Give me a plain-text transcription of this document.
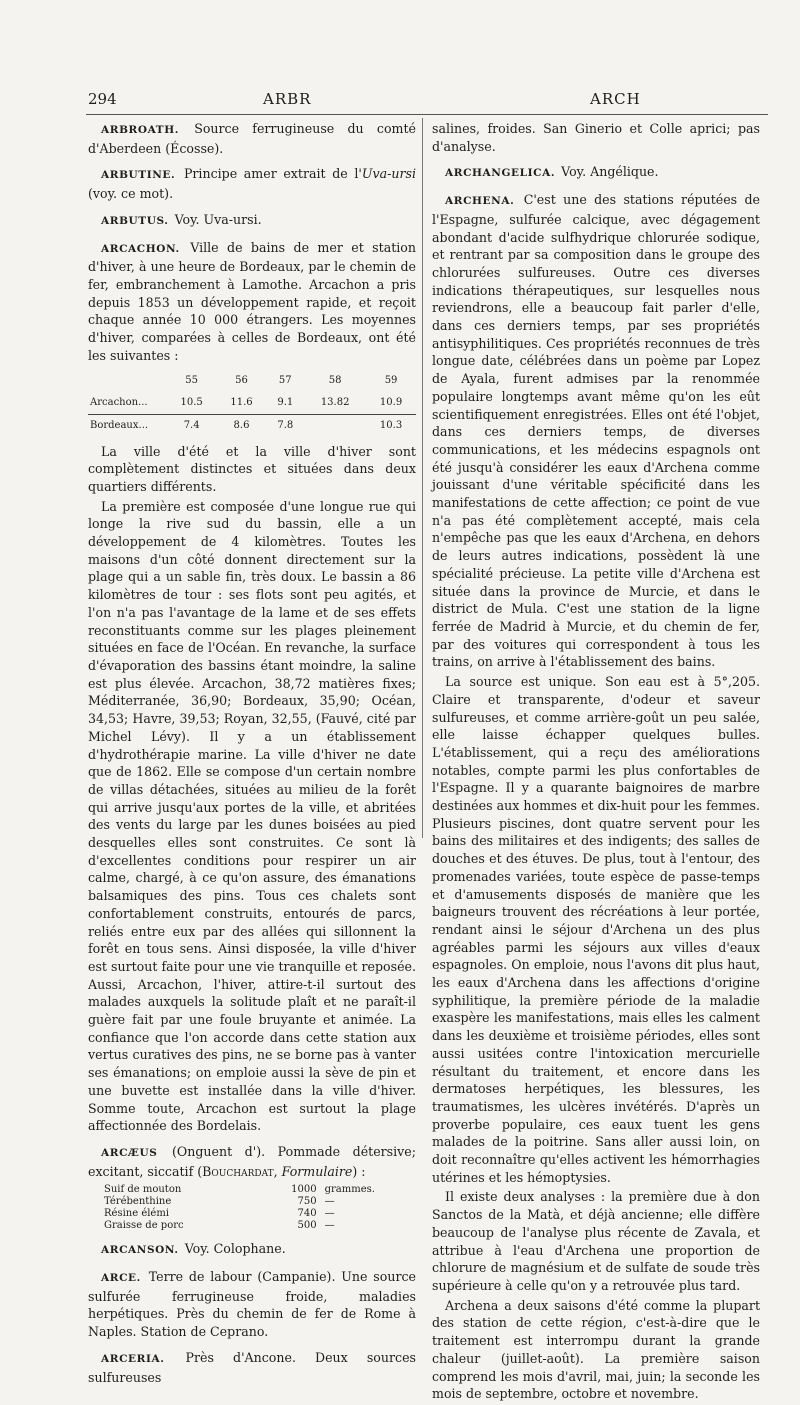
294	ARBR	ARCH

ARBROATH. Source ferrugineuse du comté d'Aberdeen (Écosse).

ARBUTINE. Principe amer extrait de l'Uva-ursi (voy. ce mot).

ARBUTUS. Voy. Uva-ursi.

ARCACHON. Ville de bains de mer et station d'hiver, à une heure de Bordeaux, par le chemin de fer, embranchement à Lamothe. Arcachon a pris depuis 1853 un développement rapide, et reçoit chaque année 10 000 étrangers. Les moyennes d'hiver, comparées à celles de Bordeaux, ont été les suivantes :

	55	56	57	58	59
Arcachon...	10.5	11.6	9.1	13.82	10.9
Bordeaux...	7.4	8.6	7.8		10.3

La ville d'été et la ville d'hiver sont complètement distinctes et situées dans deux quartiers différents.

La première est composée d'une longue rue qui longe la rive sud du bassin, elle a un développement de 4 kilomètres. Toutes les maisons d'un côté donnent directement sur la plage qui a un sable fin, très doux. Le bassin a 86 kilomètres de tour : ses flots sont peu agités, et l'on n'a pas l'avantage de la lame et de ses effets reconstituants comme sur les plages pleinement situées en face de l'Océan. En revanche, la surface d'évaporation des bassins étant moindre, la saline est plus élevée. Arcachon, 38,72 matières fixes; Méditerranée, 36,90; Bordeaux, 35,90; Océan, 34,53; Havre, 39,53; Royan, 32,55, (Fauvé, cité par Michel Lévy). Il y a un établissement d'hydrothérapie marine. La ville d'hiver ne date que de 1862. Elle se compose d'un certain nombre de villas détachées, situées au milieu de la forêt qui arrive jusqu'aux portes de la ville, et abritées des vents du large par les dunes boisées au pied desquelles elles sont construites. Ce sont là d'excellentes conditions pour respirer un air calme, chargé, à ce qu'on assure, des émanations balsamiques des pins. Tous ces chalets sont confortablement construits, entourés de parcs, reliés entre eux par des allées qui sillonnent la forêt en tous sens. Ainsi disposée, la ville d'hiver est surtout faite pour une vie tranquille et reposée. Aussi, Arcachon, l'hiver, attire-t-il surtout des malades auxquels la solitude plaît et ne paraît-il guère fait par une foule bruyante et animée. La confiance que l'on accorde dans cette station aux vertus curatives des pins, ne se borne pas à vanter ses émanations; on emploie aussi la sève de pin et une buvette est installée dans la ville d'hiver. Somme toute, Arcachon est surtout la plage affectionnée des Bordelais.

ARCÆUS (Onguent d'). Pommade détersive; excitant, siccatif (Bouchardat, Formulaire) :

Suif de mouton	1000	grammes.
Térébenthine	750	—
Résine élémi	740	—
Graisse de porc	500	—

ARCANSON. Voy. Colophane.

ARCE. Terre de labour (Campanie). Une source sulfurée ferrugineuse froide, maladies herpétiques. Près du chemin de fer de Rome à Naples. Station de Ceprano.

ARCERIA. Près d'Ancone. Deux sources sulfureuses

salines, froides. San Ginerio et Colle aprici; pas d'analyse.

ARCHANGELICA. Voy. Angélique.

ARCHENA. C'est une des stations réputées de l'Espagne, sulfurée calcique, avec dégagement abondant d'acide sulfhydrique chlorurée sodique, et rentrant par sa composition dans le groupe des chlorurées sulfureuses. Outre ces diverses indications thérapeutiques, sur lesquelles nous reviendrons, elle a beaucoup fait parler d'elle, dans ces derniers temps, par ses propriétés antisyphilitiques. Ces propriétés reconnues de très longue date, célébrées dans un poème par Lopez de Ayala, furent admises par la renommée populaire longtemps avant même qu'on les eût scientifiquement enregistrées. Elles ont été l'objet, dans ces derniers temps, de diverses communications, et les médecins espagnols ont été jusqu'à considérer les eaux d'Archena comme jouissant d'une véritable spécificité dans les manifestations de cette affection; ce point de vue n'a pas été complètement accepté, mais cela n'empêche pas que les eaux d'Archena, en dehors de leurs autres indications, possèdent là une spécialité précieuse. La petite ville d'Archena est située dans la province de Murcie, et dans le district de Mula. C'est une station de la ligne ferrée de Madrid à Murcie, et du chemin de fer, par des voitures qui correspondent à tous les trains, on arrive à l'établissement des bains.

La source est unique. Son eau est à 5°,205. Claire et transparente, d'odeur et saveur sulfureuses, et comme arrière-goût un peu salée, elle laisse échapper quelques bulles. L'établissement, qui a reçu des améliorations notables, compte parmi les plus confortables de l'Espagne. Il y a quarante baignoires de marbre destinées aux hommes et dix-huit pour les femmes. Plusieurs piscines, dont quatre servent pour les bains des militaires et des indigents; des salles de douches et des étuves. De plus, tout à l'entour, des promenades variées, toute espèce de passe-temps et d'amusements disposés de manière que les baigneurs trouvent des récréations à leur portée, rendant ainsi le séjour d'Archena un des plus agréables parmi les séjours aux villes d'eaux espagnoles. On emploie, nous l'avons dit plus haut, les eaux d'Archena dans les affections d'origine syphilitique, la première période de la maladie exaspère les manifestations, mais elles les calment dans les deuxième et troisième périodes, elles sont aussi usitées contre l'intoxication mercurielle résultant du traitement, et encore dans les dermatoses herpétiques, les blessures, les traumatismes, les ulcères invétérés. D'après un proverbe populaire, ces eaux tuent les gens malades de la poitrine. Sans aller aussi loin, on doit reconnaître qu'elles activent les hémorrhagies utérines et les hémoptysies.

Il existe deux analyses : la première due à don Sanctos de la Matà, et déjà ancienne; elle diffère beaucoup de l'analyse plus récente de Zavala, et attribue à l'eau d'Archena une proportion de chlorure de magnésium et de sulfate de soude très supérieure à celle qu'on y a retrouvée plus tard.

Archena a deux saisons d'été comme la plupart des station de cette région, c'est-à-dire que le traitement est interrompu durant la grande chaleur (juillet-août). La première saison comprend les mois d'avril, mai, juin; la seconde les mois de septembre, octobre et novembre.
